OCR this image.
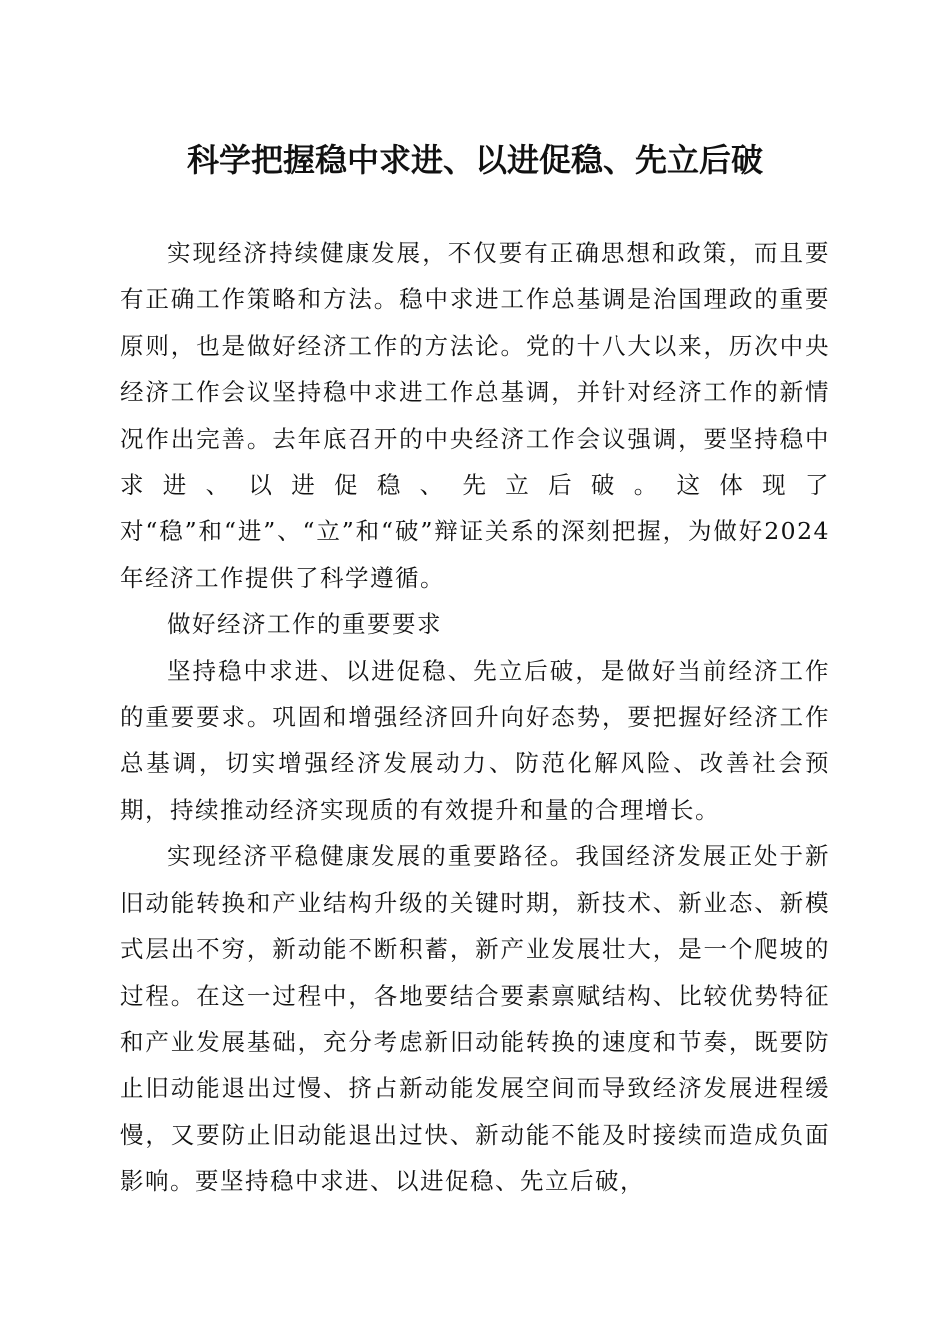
科学把握稳中求进、以进促稳、先立后破

实现经济持续健康发展，不仅要有正确思想和政策，而且要有正确工作策略和方法。稳中求进工作总基调是治国理政的重要原则，也是做好经济工作的方法论。党的十八大以来，历次中央经济工作会议坚持稳中求进工作总基调，并针对经济工作的新情况作出完善。去年底召开的中央经济工作会议强调，要坚持稳中求进、以进促稳、先立后破。这体现了对“稳”和“进”、“立”和“破”辩证关系的深刻把握，为做好2024年经济工作提供了科学遵循。

做好经济工作的重要要求

坚持稳中求进、以进促稳、先立后破，是做好当前经济工作的重要要求。巩固和增强经济回升向好态势，要把握好经济工作总基调，切实增强经济发展动力、防范化解风险、改善社会预期，持续推动经济实现质的有效提升和量的合理增长。

实现经济平稳健康发展的重要路径。我国经济发展正处于新旧动能转换和产业结构升级的关键时期，新技术、新业态、新模式层出不穷，新动能不断积蓄，新产业发展壮大，是一个爬坡的过程。在这一过程中，各地要结合要素禀赋结构、比较优势特征和产业发展基础，充分考虑新旧动能转换的速度和节奏，既要防止旧动能退出过慢、挤占新动能发展空间而导致经济发展进程缓慢，又要防止旧动能退出过快、新动能不能及时接续而造成负面影响。要坚持稳中求进、以进促稳、先立后破，
